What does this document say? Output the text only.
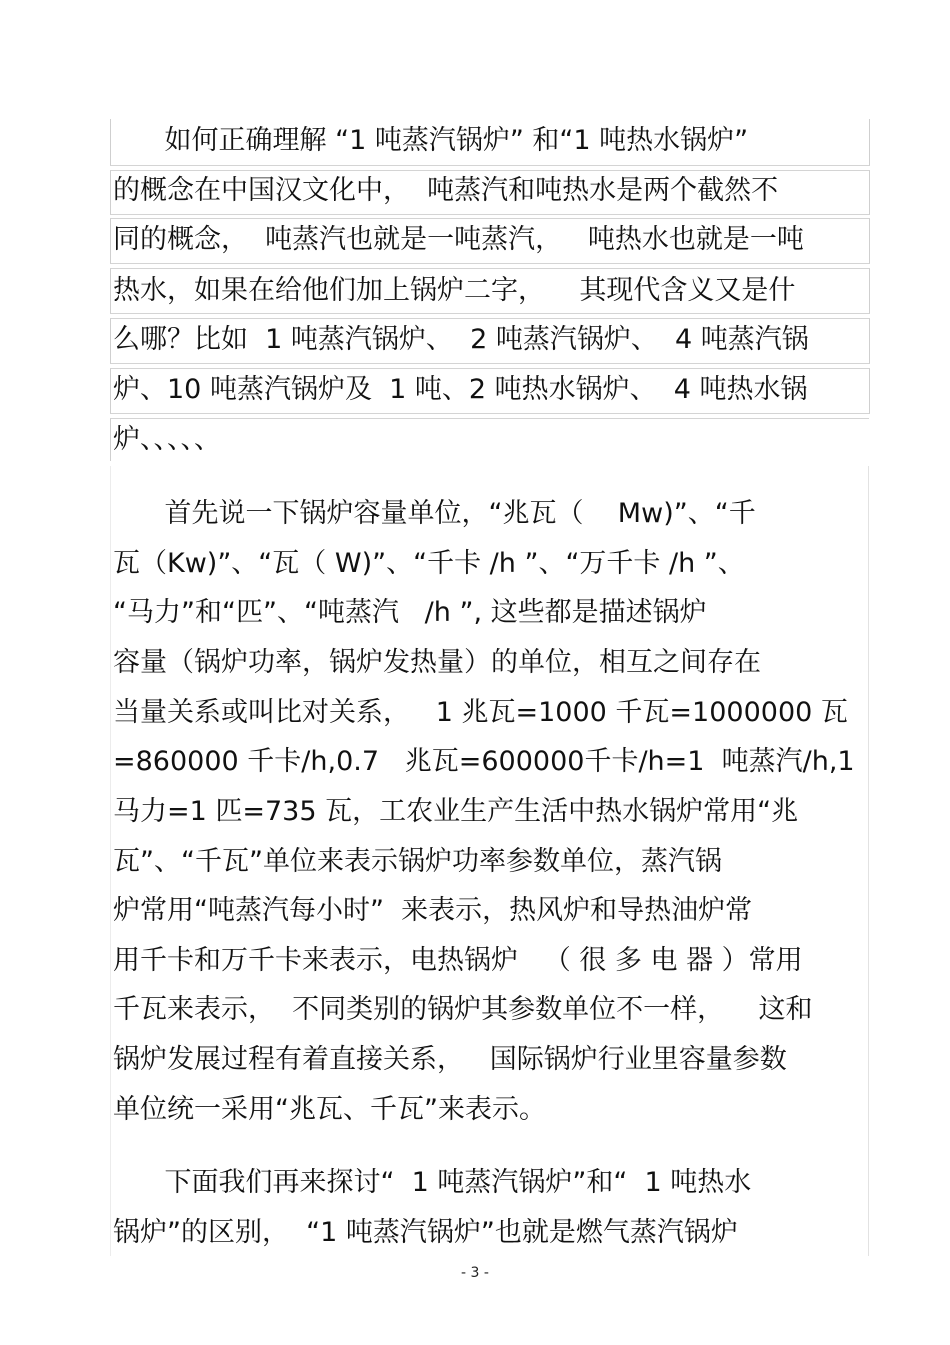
如何正确理解 “1 吨蒸汽锅炉” 和“1 吨热水锅炉”
的概念在中国汉文化中，  吨蒸汽和吨热水是两个截然不
同的概念，  吨蒸汽也就是一吨蒸汽，   吨热水也就是一吨
热水，如果在给他们加上锅炉二字，    其现代含义又是什
么哪？比如  1 吨蒸汽锅炉、  2 吨蒸汽锅炉、  4 吨蒸汽锅
炉、10 吨蒸汽锅炉及  1 吨、2 吨热水锅炉、  4 吨热水锅
炉、、、、、
首先说一下锅炉容量单位，“兆瓦（    Mw)”、“千
瓦（Kw)”、“瓦（ W)”、“千卡 /h ”、“万千卡 /h ”、
“马力”和“匹”、“吨蒸汽   /h ”, 这些都是描述锅炉
容量（锅炉功率，锅炉发热量）的单位，相互之间存在
当量关系或叫比对关系，   1 兆瓦=1000 千瓦=1000000 瓦
=860000 千卡/h,0.7   兆瓦=600000千卡/h=1  吨蒸汽/h,1
马力=1 匹=735 瓦，工农业生产生活中热水锅炉常用“兆
瓦”、“千瓦”单位来表示锅炉功率参数单位，蒸汽锅
炉常用“吨蒸汽每小时”  来表示，热风炉和导热油炉常
用千卡和万千卡来表示，电热锅炉   （ 很 多 电 器 ）常用
千瓦来表示，  不同类别的锅炉其参数单位不一样，    这和
锅炉发展过程有着直接关系，   国际锅炉行业里容量参数
单位统一采用“兆瓦、千瓦”来表示。
下面我们再来探讨“  1 吨蒸汽锅炉”和“  1 吨热水
锅炉”的区别，  “1 吨蒸汽锅炉”也就是燃气蒸汽锅炉
- 3 -
